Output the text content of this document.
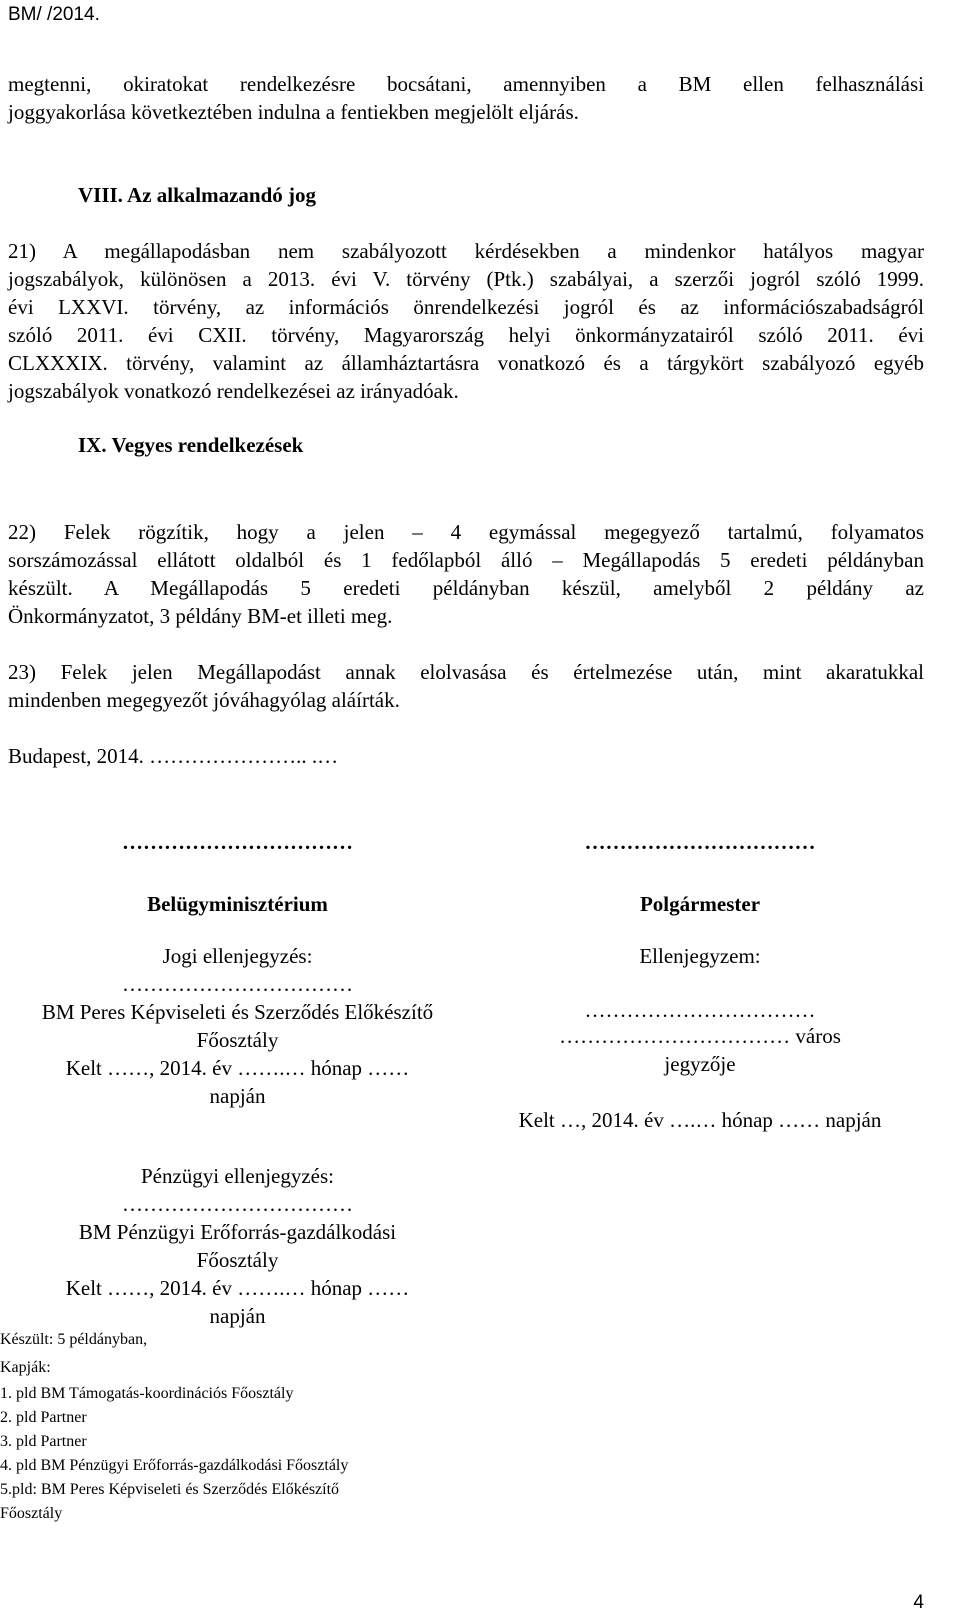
BM/ /2014.
megtenni, okiratokat rendelkezésre bocsátani, amennyiben a BM ellen felhasználási
joggyakorlása következtében indulna a fentiekben megjelölt eljárás.
VIII. Az alkalmazandó jog
21) A megállapodásban nem szabályozott kérdésekben a mindenkor hatályos magyar
jogszabályok, különösen a 2013. évi V. törvény (Ptk.) szabályai, a szerzői jogról szóló 1999.
évi LXXVI. törvény, az információs önrendelkezési jogról és az információszabadságról
szóló 2011. évi CXII. törvény, Magyarország helyi önkormányzatairól szóló 2011. évi
CLXXXIX. törvény, valamint az államháztartásra vonatkozó és a tárgykört szabályozó egyéb
jogszabályok vonatkozó rendelkezései az irányadóak.
IX. Vegyes rendelkezések
22) Felek rögzítik, hogy a jelen – 4 egymással megegyező tartalmú, folyamatos
sorszámozással ellátott oldalból és 1 fedőlapból álló – Megállapodás 5 eredeti példányban
készült. A Megállapodás 5 eredeti példányban készül, amelyből 2 példány az
Önkormányzatot, 3 példány BM-et illeti meg.
23) Felek jelen Megállapodást annak elolvasása és értelmezése után, mint akaratukkal
mindenben megegyezőt jóváhagyólag aláírták.
Budapest, 2014. ………………….. .…
……………………………
Belügyminisztérium
Jogi ellenjegyzés:
……………………………
BM Peres Képviseleti és Szerződés Előkészítő
Főosztály
Kelt ……, 2014. év …….… hónap ……
napján
Pénzügyi ellenjegyzés:
……………………………
BM Pénzügyi Erőforrás-gazdálkodási
Főosztály
Kelt ……, 2014. év …….… hónap ……
napján
……………………………
Polgármester
Ellenjegyzem:
……………………………
…………………………… város
jegyzője
Kelt …, 2014. év ….… hónap …… napján
Készült: 5 példányban,
Kapják:
1. pld BM Támogatás-koordinációs Főosztály
2. pld Partner
3. pld Partner
4. pld BM Pénzügyi Erőforrás-gazdálkodási Főosztály
5.pld: BM Peres Képviseleti és Szerződés Előkészítő
Főosztály
4
